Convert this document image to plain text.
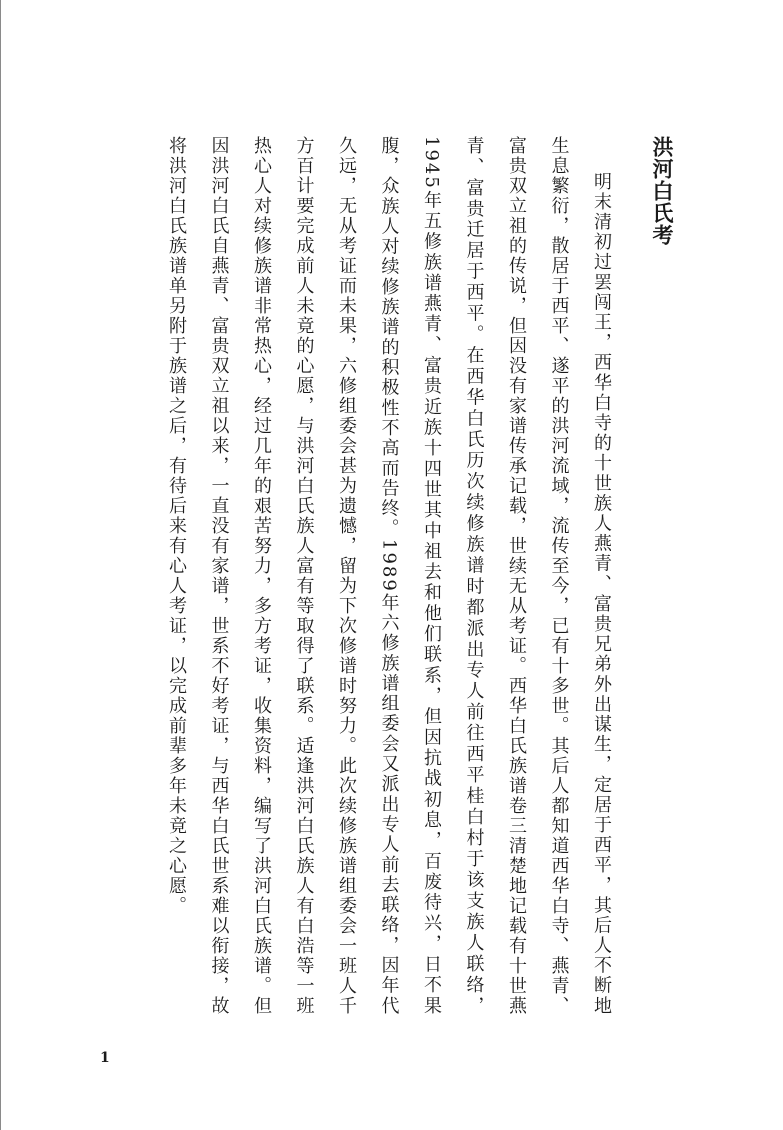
洪河白氏考

明末清初过罢闯王，西华白寺的十世族人燕青、富贵兄弟外出谋生，定居于西平，其后人不断地生息繁衍，散居于西平、遂平的洪河流域，流传至今，已有十多世。其后人都知道西华白寺、燕青、富贵双立祖的传说，但因没有家谱传承记载，世续无从考证。西华白氏族谱卷三清楚地记载有十世燕青、富贵迁居于西平。在西华白氏历次续修族谱时都派出专人前往西平桂白村于该支族人联络，1945年五修族谱燕青、富贵近族十四世其中祖去和他们联系，但因抗战初息，百废待兴，日不果腹，众族人对续修族谱的积极性不高而告终。1989年六修族谱组委会又派出专人前去联络，因年代久远，无从考证而未果，六修组委会甚为遗憾，留为下次修谱时努力。此次续修族谱组委会一班人千方百计要完成前人未竟的心愿，与洪河白氏族人富有等取得了联系。适逢洪河白氏族人有白浩等一班热心人对续修族谱非常热心，经过几年的艰苦努力，多方考证，收集资料，编写了洪河白氏族谱。但因洪河白氏自燕青、富贵双立祖以来，一直没有家谱，世系不好考证，与西华白氏世系难以衔接，故将洪河白氏族谱单另附于族谱之后，有待后来有心人考证，以完成前辈多年未竟之心愿。

1
